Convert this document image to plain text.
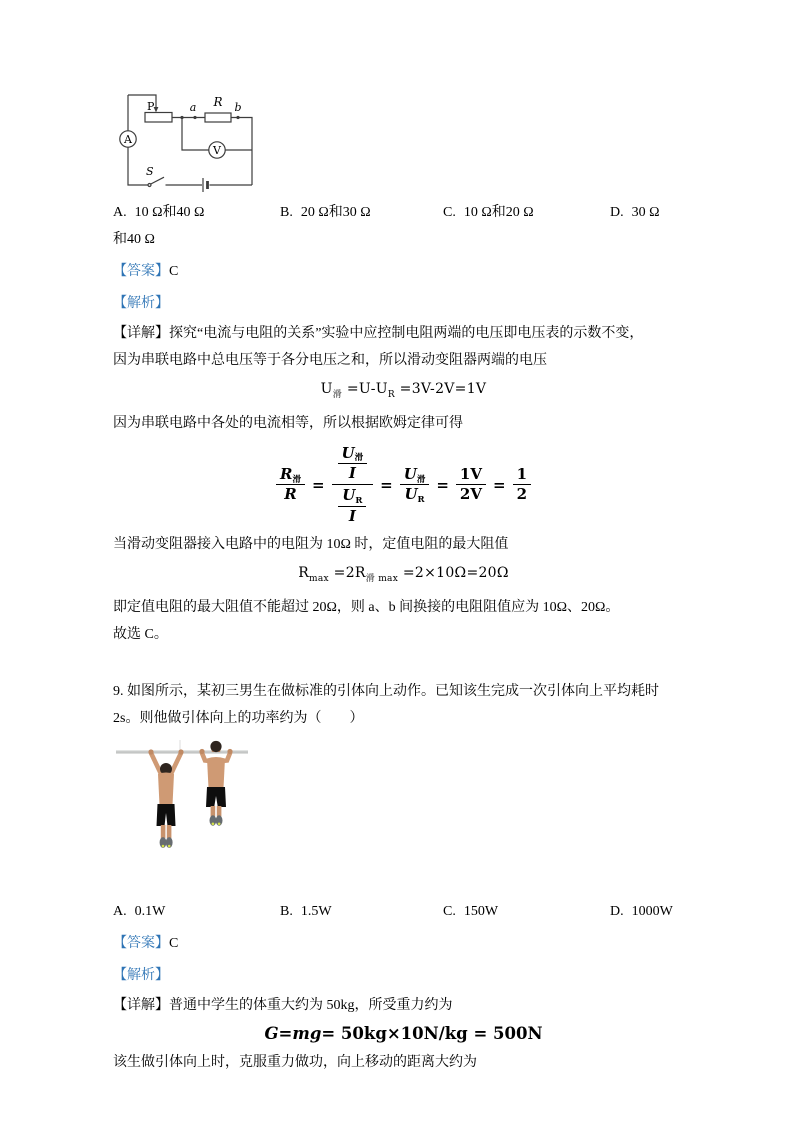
P	a R b
S
A
V
A. 10 Ω和40 Ω	B. 20 Ω和30 Ω	C. 10 Ω和20 Ω	D. 30 Ω
和40 Ω
【答案】C
【解析】
【详解】探究“电流与电阻的关系”实验中应控制电阻两端的电压即电压表的示数不变，
因为串联电路中总电压等于各分电压之和，所以滑动变阻器两端的电压
$U_滑 =U-U_R =3V-2V=1V$
因为串联电路中各处的电流相等，所以根据欧姆定律可得
$\frac{R_滑}{R} = \frac{\frac{U_滑}{I}}{\frac{U_R}{I}} = \frac{U_滑}{U_R} = \frac{1V}{2V} = \frac{1}{2}$
当滑动变阻器接入电路中的电阻为 10Ω 时，定值电阻的最大阻值
$R_{max} =2R_{滑 max} =2\times 10\Omega=20\Omega$
即定值电阻的最大阻值不能超过 20Ω，则 a、b 间换接的电阻阻值应为 10Ω、20Ω。
故选 C。
9. 如图所示，某初三男生在做标准的引体向上动作。已知该生完成一次引体向上平均耗时
2s。则他做引体向上的功率约为（　　）
A. 0.1W	B. 1.5W	C. 150W	D. 1000W
【答案】C
【解析】
【详解】普通中学生的体重大约为 50kg，所受重力约为
G = mg = 50kg×10N/kg = 500N
该生做引体向上时，克服重力做功，向上移动的距离大约为
